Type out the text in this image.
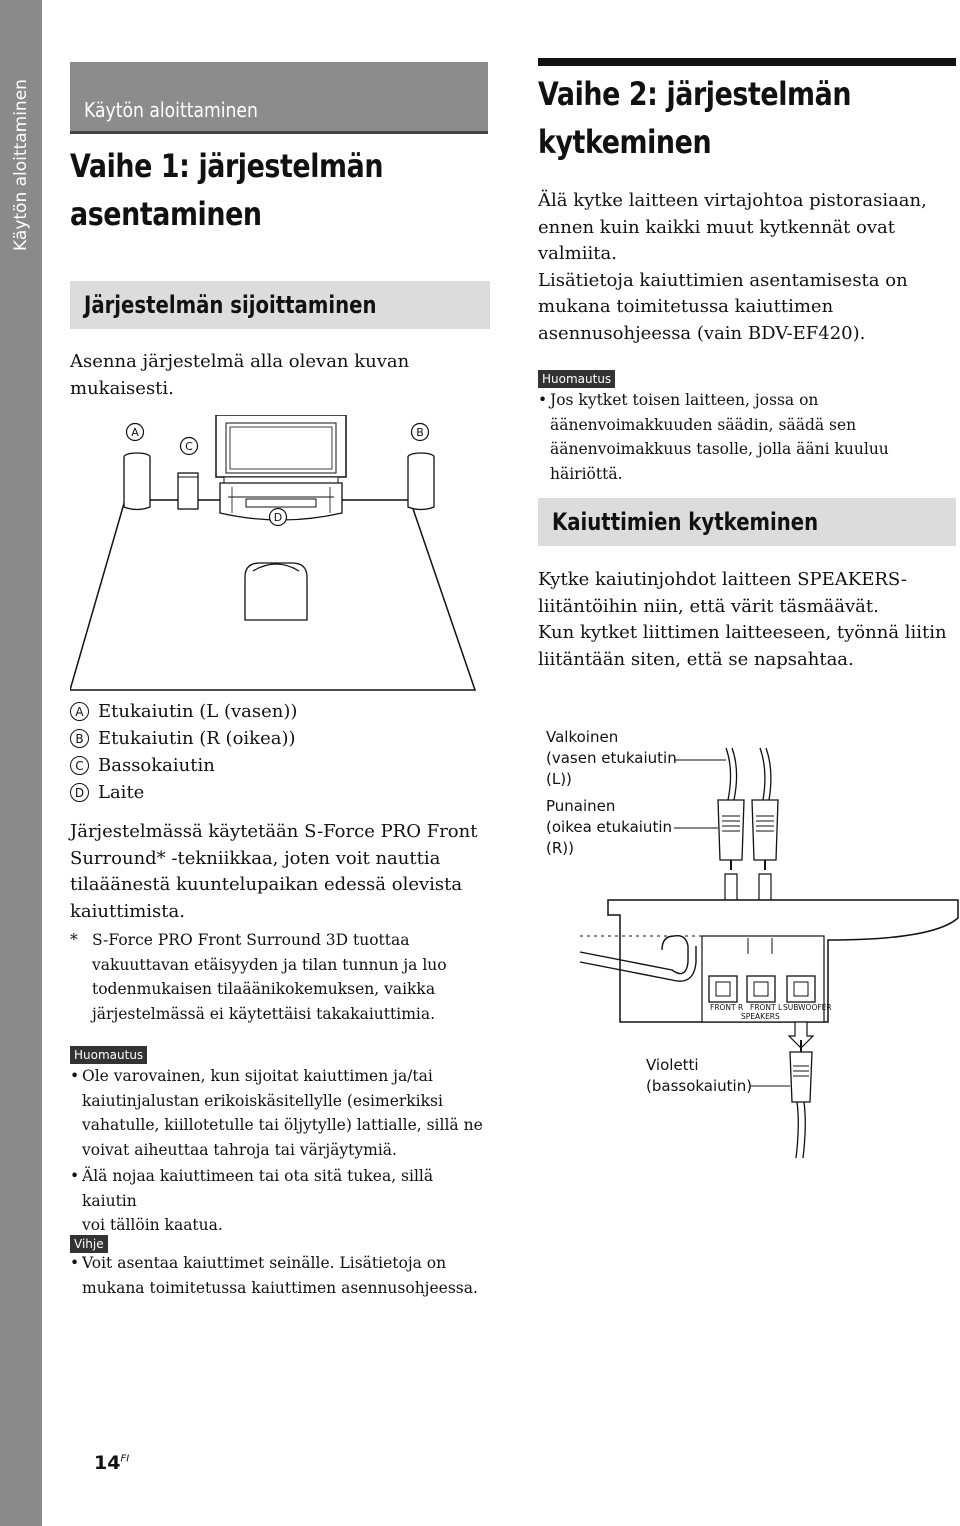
Käytön aloittaminen	Käytön aloittaminen
Vaihe 1: järjestelmän
asentaminen
Järjestelmän sijoittaminen
Asenna järjestelmä alla olevan kuvan
mukaisesti.
A
C
B
D
A Etukaiutin (L (vasen))
B Etukaiutin (R (oikea))
C Bassokaiutin
D Laite
Järjestelmässä käytetään S-Force PRO Front
Surround* -tekniikkaa, joten voit nauttia
tilaäänestä kuuntelupaikan edessä olevista
kaiuttimista.
* S-Force PRO Front Surround 3D tuottaa
vakuuttavan etäisyyden ja tilan tunnun ja luo
todenmukaisen tilaäänikokemuksen, vaikka
järjestelmässä ei käytettäisi takakaiuttimia.
Huomautus
• Ole varovainen, kun sijoitat kaiuttimen ja/tai
kaiutinjalustan erikoiskäsitellylle (esimerkiksi
vahatulle, kiillotetulle tai öljytylle) lattialle, sillä ne
voivat aiheuttaa tahroja tai värjäytymiä.
• Älä nojaa kaiuttimeen tai ota sitä tukea, sillä kaiutin
voi tällöin kaatua.
Vihje
• Voit asentaa kaiuttimet seinälle. Lisätietoja on
mukana toimitetussa kaiuttimen asennusohjeessa.
$14^{FI}$
Vaihe 2: järjestelmän
kytkeminen
Älä kytke laitteen virtajohtoa pistorasiaan,
ennen kuin kaikki muut kytkennät ovat
valmiita.
Lisätietoja kaiuttimien asentamisesta on
mukana toimitetussa kaiuttimen
asennusohjeessa (vain BDV-EF420).
Huomautus
• Jos kytket toisen laitteen, jossa on
äänenvoimakkuuden säädin, säädä sen
äänenvoimakkuus tasolle, jolla ääni kuuluu häiriöttä.
Kaiuttimien kytkeminen
Kytke kaiutinjohdot laitteen SPEAKERS-
liitäntöihin niin, että värit täsmäävät.
Kun kytket liittimen laitteeseen, työnnä liitin
liitäntään siten, että se napsahtaa.
Valkoinen
(vasen etukaiutin
(L))
Punainen
(oikea etukaiutin
(R))
Violetti
(bassokaiutin)
FRONT R FRONT L SUBWOOFER
SPEAKERS
